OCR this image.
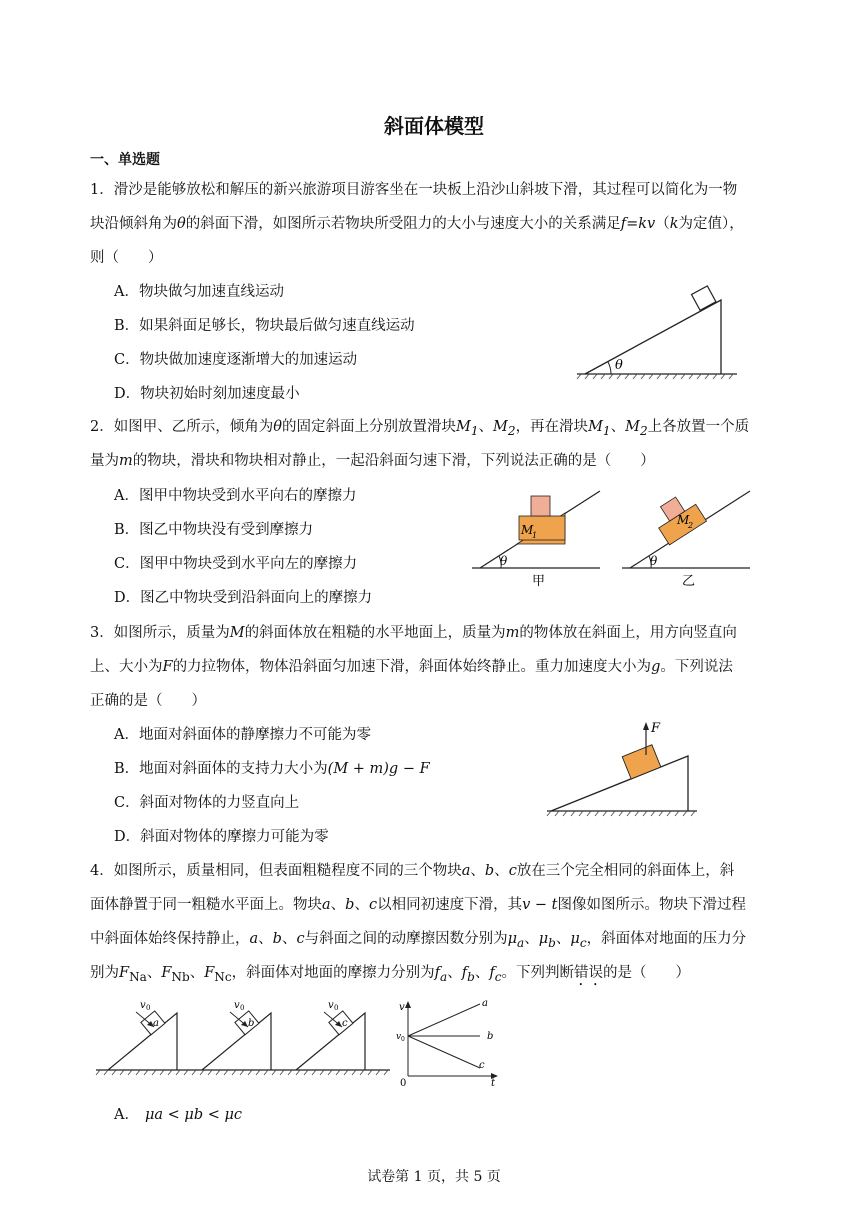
斜面体模型
一、单选题
1．滑沙是能够放松和解压的新兴旅游项目游客坐在一块板上沿沙山斜坡下滑，其过程可以简化为一物
块沿倾斜角为θ的斜面下滑，如图所示若物块所受阻力的大小与速度大小的关系满足f=kv（k为定值），
则（　　）
A．物块做匀加速直线运动
B．如果斜面足够长，物块最后做匀速直线运动
C．物块做加速度逐渐增大的加速运动
D．物块初始时刻加速度最小
θ
2．如图甲、乙所示，倾角为θ的固定斜面上分别放置滑块$M_1$、$M_2$，再在滑块$M_1$、$M_2$上各放置一个质
量为m的物块，滑块和物块相对静止，一起沿斜面匀速下滑，下列说法正确的是（　　）
A．图甲中物块受到水平向右的摩擦力
B．图乙中物块没有受到摩擦力
C．图甲中物块受到水平向左的摩擦力
D．图乙中物块受到沿斜面向上的摩擦力
M
1
θ
甲
M
2
θ
乙
3．如图所示，质量为M的斜面体放在粗糙的水平地面上，质量为m的物体放在斜面上，用方向竖直向
上、大小为F的力拉物体，物体沿斜面匀加速下滑，斜面体始终静止。重力加速度大小为g。下列说法
正确的是（　　）
A．地面对斜面体的静摩擦力不可能为零
B．地面对斜面体的支持力大小为(M + m)g − F
C．斜面对物体的力竖直向上
D．斜面对物体的摩擦力可能为零
F
4．如图所示，质量相同，但表面粗糙程度不同的三个物块a、b、c放在三个完全相同的斜面体上，斜
面体静置于同一粗糙水平面上。物块a、b、c以相同初速度下滑，其v − t图像如图所示。物块下滑过程
中斜面体始终保持静止，a、b、c与斜面之间的动摩擦因数分别为$\mu_a$、$\mu_b$、$\mu_c$，斜面体对地面的压力分
别为$F_{Na}$、$F_{Nb}$、$F_{Nc}$，斜面体对地面的摩擦力分别为$f_a$、$f_b$、$f_c$。下列判断错误的是（　　）
a
v 0
b
v 0
c
v 0	v
t
0
v 0
a
b
c
A． μa < μb < μc
试卷第 1 页，共 5 页
